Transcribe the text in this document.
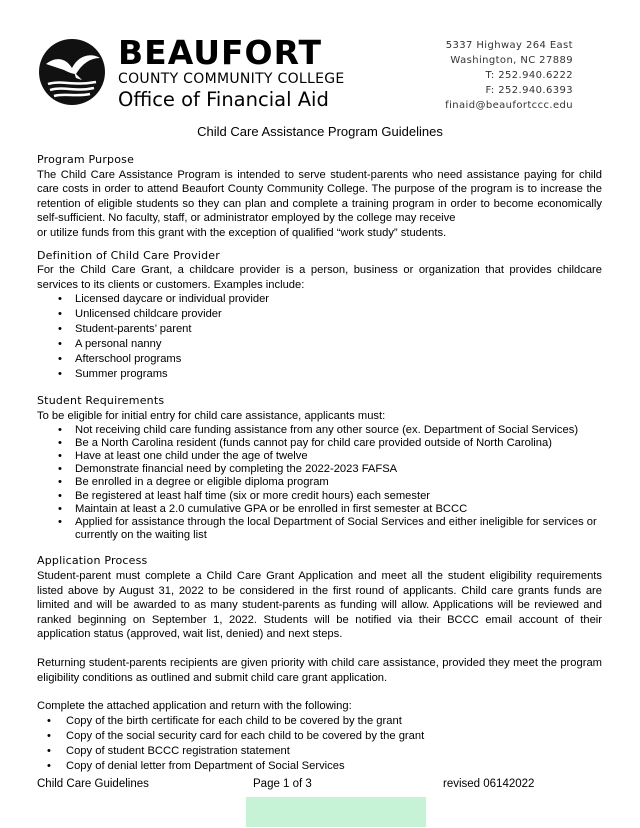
BEAUFORT
COUNTY COMMUNITY COLLEGE
Office of Financial Aid
5337 Highway 264 East
Washington, NC 27889
T: 252.940.6222
F: 252.940.6393
finaid@beaufortccc.edu
Child Care Assistance Program Guidelines
Program Purpose

The Child Care Assistance Program is intended to serve student-parents who need assistance paying for child care costs in order to attend Beaufort County Community College. The purpose of the program is to increase the retention of eligible students so they can plan and complete a training program in order to become economically self-sufficient. No faculty, staff, or administrator employed by the college may receive

or utilize funds from this grant with the exception of qualified “work study” students.

Definition of Child Care Provider

For the Child Care Grant, a childcare provider is a person, business or organization that provides childcare services to its clients or customers. Examples include:

• Licensed daycare or individual provider
• Unlicensed childcare provider
• Student-parents’ parent
• A personal nanny
• Afterschool programs
• Summer programs
Student Requirements

To be eligible for initial entry for child care assistance, applicants must:

• Not receiving child care funding assistance from any other source (ex. Department of Social Services)
• Be a North Carolina resident (funds cannot pay for child care provided outside of North Carolina)
• Have at least one child under the age of twelve
• Demonstrate financial need by completing the 2022-2023 FAFSA
• Be enrolled in a degree or eligible diploma program
• Be registered at least half time (six or more credit hours) each semester
• Maintain at least a 2.0 cumulative GPA or be enrolled in first semester at BCCC
• Applied for assistance through the local Department of Social Services and either ineligible for services or currently on the waiting list
Application Process

Student-parent must complete a Child Care Grant Application and meet all the student eligibility requirements listed above by August 31, 2022 to be considered in the first round of applicants. Child care grants funds are limited and will be awarded to as many student-parents as funding will allow. Applications will be reviewed and ranked beginning on September 1, 2022. Students will be notified via their BCCC email account of their application status (approved, wait list, denied) and next steps.

Returning student-parents recipients are given priority with child care assistance, provided they meet the program eligibility conditions as outlined and submit child care grant application.

Complete the attached application and return with the following:

• Copy of the birth certificate for each child to be covered by the grant
• Copy of the social security card for each child to be covered by the grant
• Copy of student BCCC registration statement
• Copy of denial letter from Department of Social Services
Child Care Guidelines	Page 1 of 3	revised 06142022
